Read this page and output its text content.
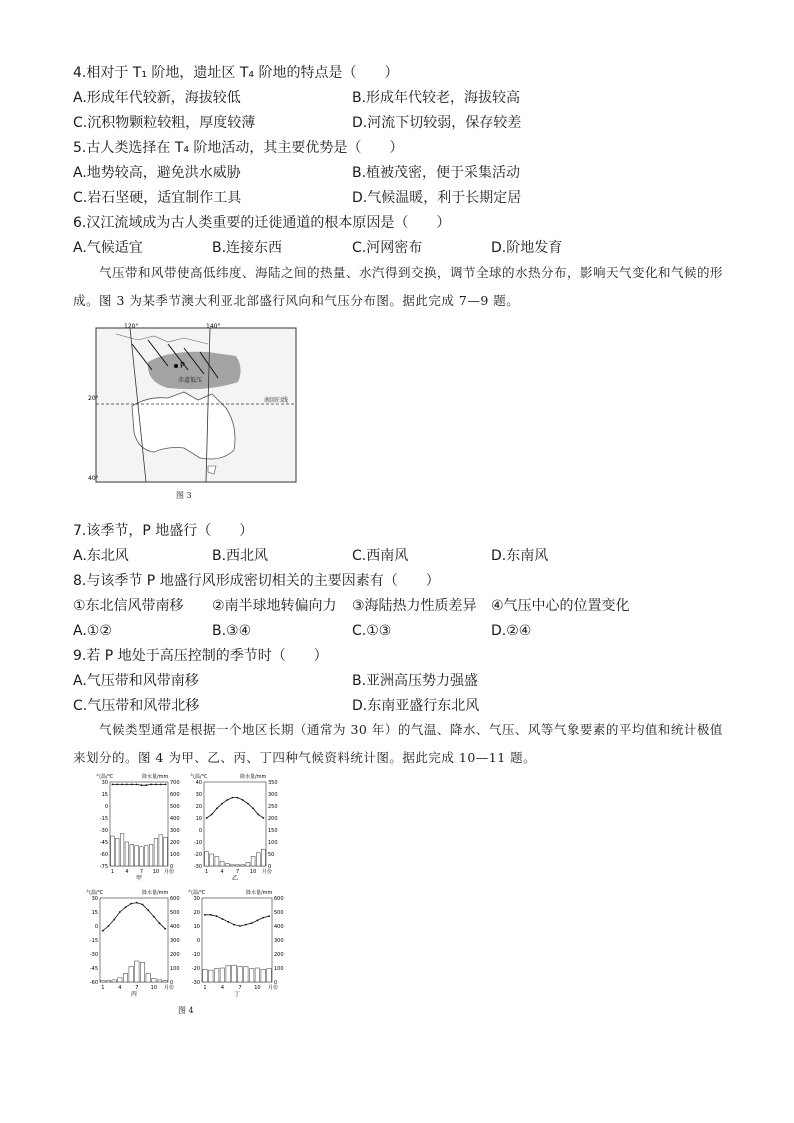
4.相对于 T₁ 阶地，遗址区 T₄ 阶地的特点是（　　）
A.形成年代较新，海拔较低	B.形成年代较老，海拔较高
C.沉积物颗粒较粗，厚度较薄	D.河流下切较弱，保存较差
5.古人类选择在 T₄ 阶地活动，其主要优势是（　　）
A.地势较高，避免洪水威胁	B.植被茂密，便于采集活动
C.岩石坚硬，适宜制作工具	D.气候温暖，利于长期定居
6.汉江流域成为古人类重要的迁徙通道的根本原因是（　　）
A.气候适宜	B.连接东西	C.河网密布	D.阶地发育
气压带和风带使高低纬度、海陆之间的热量、水汽得到交换，调节全球的水热分布，影响天气变化和气候的形成。图 3 为某季节澳大利亚北部盛行风向和气压分布图。据此完成 7—9 题。
P
赤道低压
南回归线
120°	140°
20°
40°
图 3
7.该季节，P 地盛行（　　）
A.东北风	B.西北风	C.西南风	D.东南风
8.与该季节 P 地盛行风形成密切相关的主要因素有（　　）
①东北信风带南移 ②南半球地转偏向力 ③海陆热力性质差异 ④气压中心的位置变化
A.①②	B.③④	C.①③	D.②④
9.若 P 地处于高压控制的季节时（　　）
A.气压带和风带南移	B.亚洲高压势力强盛
C.气压带和风带北移	D.东南亚盛行东北风
气候类型通常是根据一个地区长期（通常为 30 年）的气温、降水、气压、风等气象要素的平均值和统计极值来划分的。图 4 为甲、乙、丙、丁四种气候资料统计图。据此完成 10—11 题。
气温/℃	降水量/mm
30
15
0
-15
-30
-45
-60
-75
700
600
500
400
300
200
100
0
1 4 7 10 月份
甲
气温/℃	降水量/mm
40
30
20
10
0
-10
-20
-30
350
300
250
200
150
100
50
0
1 4 7 10 月份
乙
气温/℃	降水量/mm
30
15
0
-15
-30
-45
-60
600
500
400
300
200
100
0
1	4	7 10 月份
丙
气温/℃	降水量/mm
30
20
10
0
-10
-20
-30
600
500
400
300
200
100
0
1	4	7	10 月份
丁
图 4
